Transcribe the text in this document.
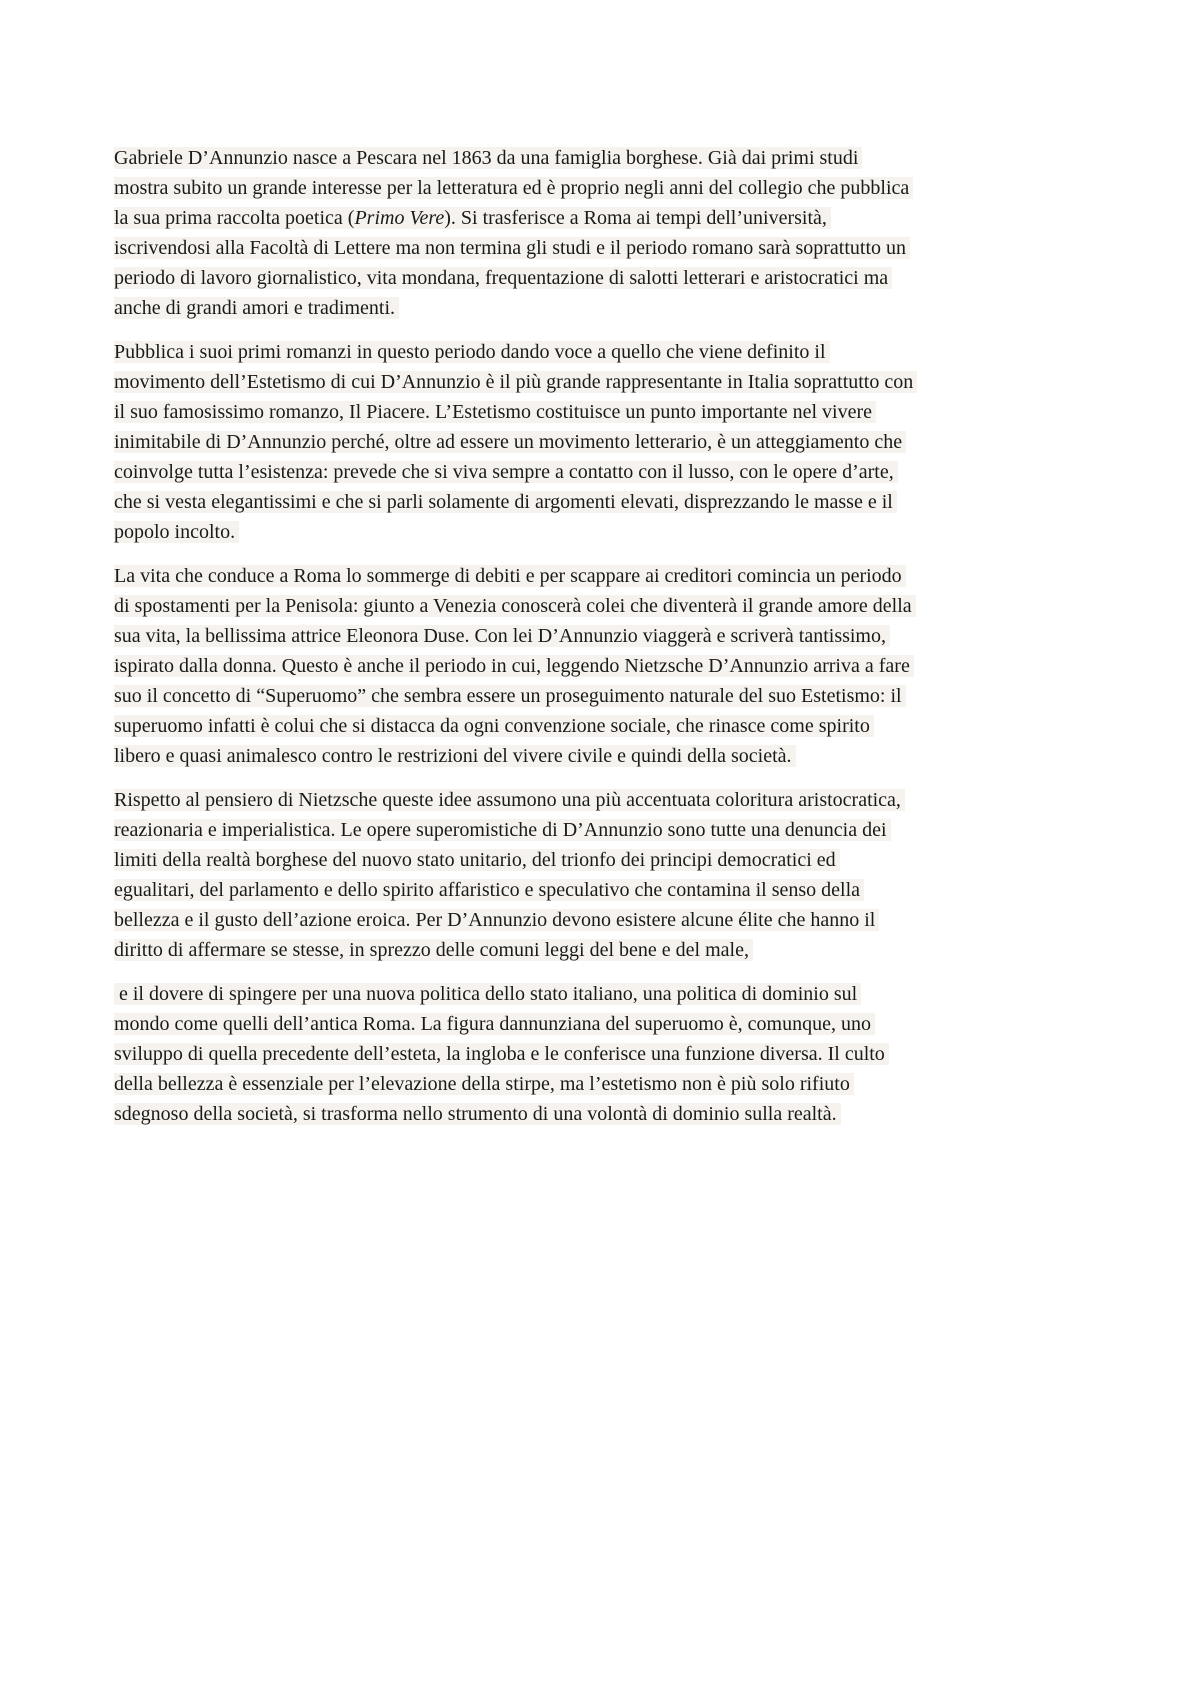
Gabriele D’Annunzio nasce a Pescara nel 1863 da una famiglia borghese. Già dai primi studi
mostra subito un grande interesse per la letteratura ed è proprio negli anni del collegio che pubblica
la sua prima raccolta poetica (Primo Vere). Si trasferisce a Roma ai tempi dell’università,
iscrivendosi alla Facoltà di Lettere ma non termina gli studi e il periodo romano sarà soprattutto un
periodo di lavoro giornalistico, vita mondana, frequentazione di salotti letterari e aristocratici ma
anche di grandi amori e tradimenti.

Pubblica i suoi primi romanzi in questo periodo dando voce a quello che viene definito il
movimento dell’Estetismo di cui D’Annunzio è il più grande rappresentante in Italia soprattutto con
il suo famosissimo romanzo, Il Piacere. L’Estetismo costituisce un punto importante nel vivere
inimitabile di D’Annunzio perché, oltre ad essere un movimento letterario, è un atteggiamento che
coinvolge tutta l’esistenza: prevede che si viva sempre a contatto con il lusso, con le opere d’arte,
che si vesta elegantissimi e che si parli solamente di argomenti elevati, disprezzando le masse e il
popolo incolto.

La vita che conduce a Roma lo sommerge di debiti e per scappare ai creditori comincia un periodo
di spostamenti per la Penisola: giunto a Venezia conoscerà colei che diventerà il grande amore della
sua vita, la bellissima attrice Eleonora Duse. Con lei D’Annunzio viaggerà e scriverà tantissimo,
ispirato dalla donna. Questo è anche il periodo in cui, leggendo Nietzsche D’Annunzio arriva a fare
suo il concetto di “Superuomo” che sembra essere un proseguimento naturale del suo Estetismo: il
superuomo infatti è colui che si distacca da ogni convenzione sociale, che rinasce come spirito
libero e quasi animalesco contro le restrizioni del vivere civile e quindi della società.

Rispetto al pensiero di Nietzsche queste idee assumono una più accentuata coloritura aristocratica,
reazionaria e imperialistica. Le opere superomistiche di D’Annunzio sono tutte una denuncia dei
limiti della realtà borghese del nuovo stato unitario, del trionfo dei principi democratici ed
egualitari, del parlamento e dello spirito affaristico e speculativo che contamina il senso della
bellezza e il gusto dell’azione eroica. Per D’Annunzio devono esistere alcune élite che hanno il
diritto di affermare se stesse, in sprezzo delle comuni leggi del bene e del male,

e il dovere di spingere per una nuova politica dello stato italiano, una politica di dominio sul
mondo come quelli dell’antica Roma. La figura dannunziana del superuomo è, comunque, uno
sviluppo di quella precedente dell’esteta, la ingloba e le conferisce una funzione diversa. Il culto
della bellezza è essenziale per l’elevazione della stirpe, ma l’estetismo non è più solo rifiuto
sdegnoso della società, si trasforma nello strumento di una volontà di dominio sulla realtà.
